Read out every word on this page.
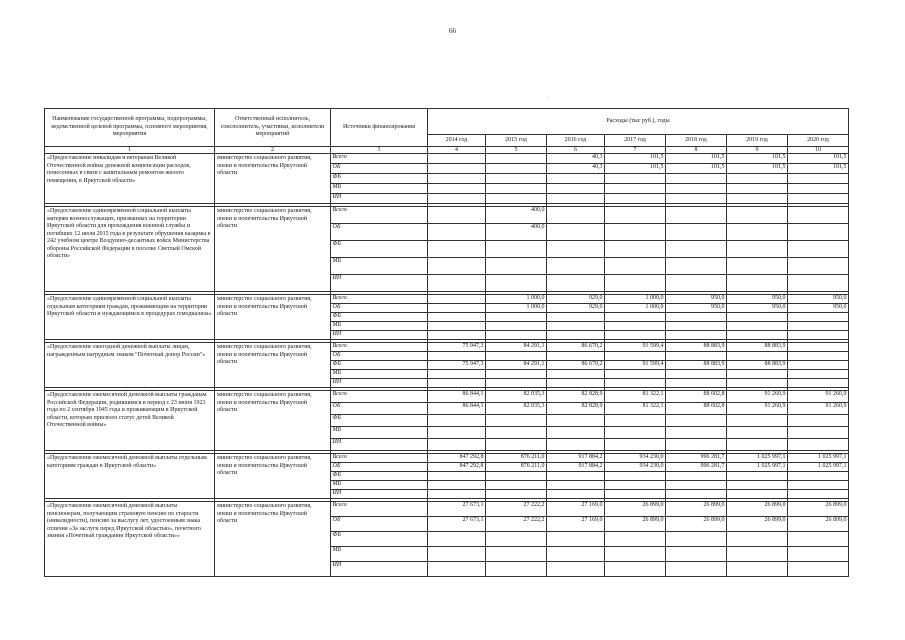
66
·
Наименование государственной программы, подпрограммы, ведомственной целевой программы, основного мероприятия, мероприятия	Ответственный исполнитель, соисполнитель, участники, исполнители мероприятий	Источники финансирования	Расходы (тыс руб.), годы						
			2014 год	2015 год	2016 год	2017 год	2018 год	2019 год	2020 год
1	2	3	4	5	6	7	8	9	10
«Предоставление инвалидам и ветеранам Великой Отечественной войны денежной компенсации расходов, понесенных в связи с капитальным ремонтом жилого помещения, в Иркутской области»	министерство социального развития, опеки и попечительства Иркутской области	Всего			40,3	101,5	101,5	101,5	101,5
		ОБ			40,3	101,5	101,5	101,5	101,5
		ФБ							
		МБ							
		ИИ							

«Предоставление единовременной социальной выплаты матерям военнослужащих, призванных на территории Иркутской области для прохождения военной службы и погибших 12 июля 2015 года в результате обрушения казармы в 242 учебном центре Воздушно-десантных войск Министерства обороны Российской Федерации в поселке Светлый Омской области»	министерство социального развития, опеки и попечительства Иркутской области	Всего		400,0					
		ОБ		400,0					
		ФБ							
		МБ							
		ИИ							

«Предоставление единовременной социальной выплаты отдельным категориям граждан, проживающим на территории Иркутской области и нуждающимся в процедурах гемодиализа»	министерство социального развития, опеки и попечительства Иркутской области	Всего		1 000,0	929,0	1 000,0	950,0	950,0	950,0
		ОБ		1 000,0	929,0	1 000,0	950,0	950,0	950,0
		ФБ							
		МБ							
		ИИ							

«Предоставление ежегодной денежной выплаты лицам, награжденным нагрудным знаком "Почетный донор России"»	министерство социального развития, опеки и попечительства Иркутской области	Всего	75 947,3	84 291,1	86 670,2	91 599,4	88 883,9	88 883,9	
		ОБ							
		ФБ	75 947,3	84 291,1	86 670,2	91 599,4	88 883,9	88 883,9	
		МБ							
		ИИ							

«Предоставление ежемесячной денежной выплаты гражданам Российской Федерации, родившимся в период с 23 июня 1923 года по 2 сентября 1945 года и проживающим в Иркутской области, которым присвоен статус детей Великой Отечественной войны»	министерство социального развития, опеки и попечительства Иркутской области	Всего	86 844,1	82 035,3	82 828,9	81 322,1	88 602,8	91 260,9	91 260,9
		ОБ	86 844,1	82 035,3	82 828,9	81 322,1	88 602,8	91 260,9	91 260,9
		ФБ							
		МБ							
		ИИ							

«Предоставление ежемесячной денежной выплаты отдельным категориям граждан в Иркутской области»	министерство социального развития, опеки и попечительства Иркутской области	Всего	847 292,8	876 211,0	917 884,2	934 230,0	996 281,7	1 025 997,1	1 025 997,1
		ОБ	847 292,8	876 211,0	917 884,2	934 230,0	996 281,7	1 025 997,1	1 025 997,1
		ФБ							
		МБ							
		ИИ							

«Предоставление ежемесячной денежной выплаты пенсионерам, получающим страховую пенсию по старости (инвалидности), пенсию за выслугу лет, удостоенным знака отличия «За заслуги перед Иркутской областью», почетного звания «Почетный гражданин Иркутской области»»	министерство социального развития, опеки и попечительства Иркутской области	Всего	27 673,1	27 222,2	27 169,0	26 899,0	26 899,0	26 899,0	26 899,0
		ОБ	27 673,1	27 222,2	27 169,0	26 899,0	26 899,0	26 899,0	26 899,0
		ФБ							
		МБ							
		ИИ							
